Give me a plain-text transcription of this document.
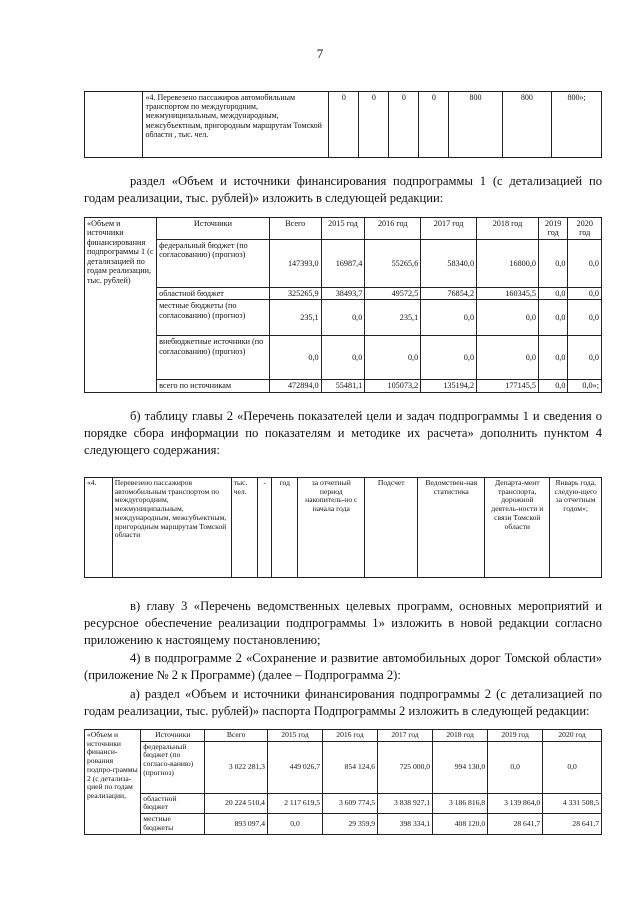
7
	«4. Перевезено пассажиров автомобильным транспортом по междугородним, межмуниципальным, международным, межсубъектным, пригородным маршрутам Томской области , тыс. чел.	0	0	0	0	800	800	800»;

раздел «Объем и источники финансирования подпрограммы 1 (с детализацией по годам реализации, тыс. рублей)» изложить в следующей редакции:

«Объем и источники финансирования подпрограммы 1 (с детализацией по годам реализации, тыс. рублей)	Источники	Всего	2015 год	2016 год	2017 год	2018 год	2019 год	2020 год
	федеральный бюджет (по согласованию) (прогноз)	147393,0	16987,4	55265,6	58340,0	16800,0	0,0	0,0
	областной бюджет	325265,9	38493,7	49572,5	76854,2	160345,5	0,0	0,0
	местные бюджеты (по согласованию) (прогноз)	235,1	0,0	235,1	0,0	0,0	0,0	0,0
	внебюджетные источники (по согласованию) (прогноз)	0,0	0,0	0,0	0,0	0,0	0,0	0,0
	всего по источникам	472894,0	55481,1	105073,2	135194,2	177145,5	0,0	0,0»;

б) таблицу главы 2 «Перечень показателей цели и задач подпрограммы 1 и сведения о порядке сбора информации по показателям и методике их расчета» дополнить пунктом 4 следующего содержания:

«4.	Перевезено пассажиров автомобильным транспортом по междугородним, межмуниципальным, международным, межсубъектным, пригородным маршрутам Томской области	тыс. чел.	-	год	за отчетный период накопитель-но с начала года	Подсчет	Ведомствен-ная статистика	Департа-мент транспорта, дорожной деятель-ности и связи Томской области	Январь года, следую-щего за отчетным годом»;

в) главу 3 «Перечень ведомственных целевых программ, основных мероприятий и ресурсное обеспечение реализации подпрограммы 1» изложить в новой редакции согласно приложению к настоящему постановлению;

4) в подпрограмме 2 «Сохранение и развитие автомобильных дорог Томской области» (приложение № 2 к Программе) (далее – Подпрограмма 2):

а) раздел «Объем и источники финансирования подпрограммы 2 (с детализацией по годам реализации, тыс. рублей)» паспорта Подпрограммы 2 изложить в следующей редакции:

«Объем и источники финанси-рования подпро-граммы 2 (с детализа-цией по годам реализации,	Источники	Всего	2015 год	2016 год	2017 год	2018 год	2019 год	2020 год
	федеральный бюджет (по согласо-ванию) (прогноз)	3 022 281,3	449 026,7	854 124,6	725 000,0	994 130,0	0,0	0,0
	областной бюджет	20 224 510,4	2 117 619,5	3 609 774,5	3 838 927,1	3 186 816,8	3 139 864,0	4 331 508,5
	местные бюджеты	893 097,4	0,0	29 359,9	398 334,1	408 120,0	28 641,7	28 641,7
